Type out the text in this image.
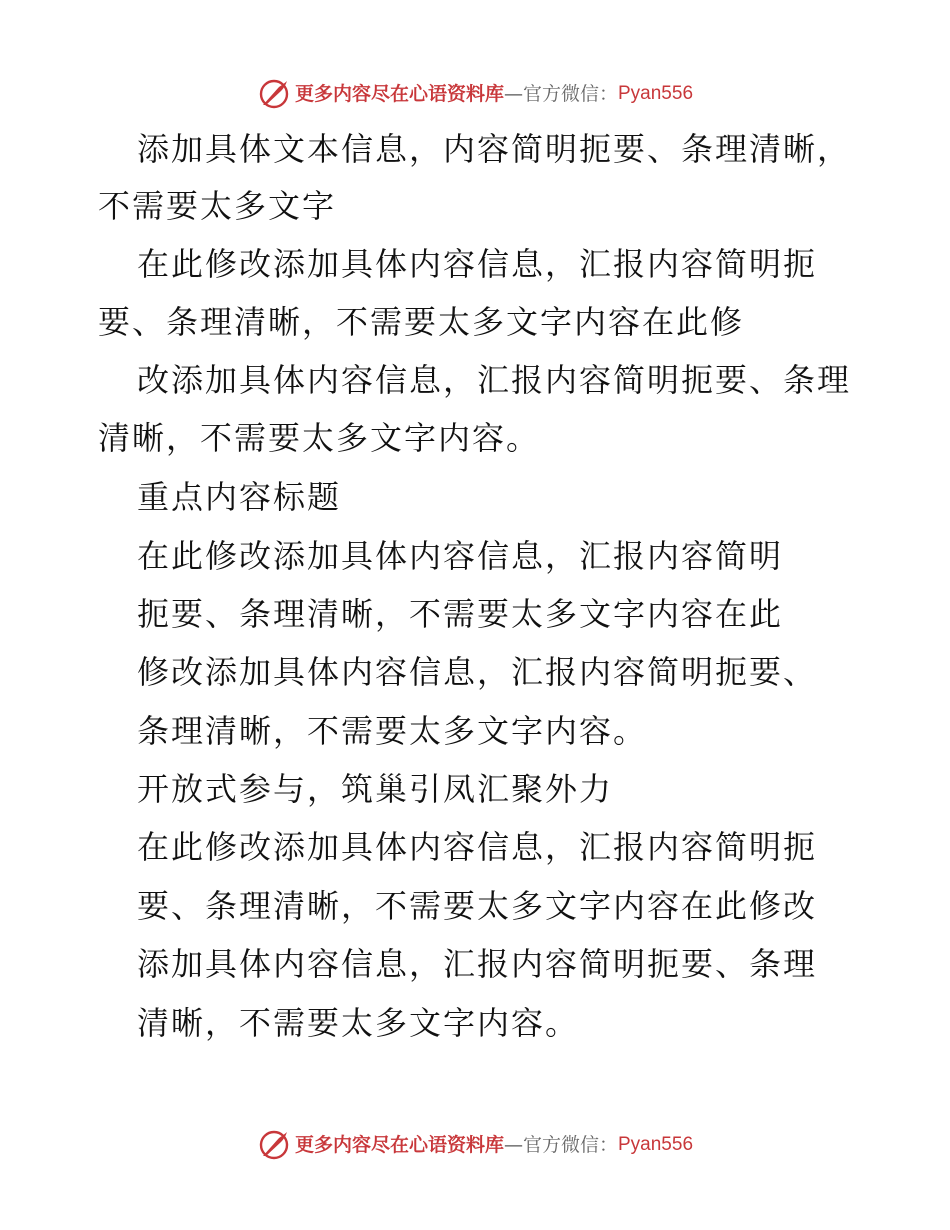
更多内容尽在心语资料库 — 官方微信： Pyan556
添加具体文本信息，内容简明扼要、条理清晰，
不需要太多文字
在此修改添加具体内容信息，汇报内容简明扼
要、条理清晰，不需要太多文字内容在此修
改添加具体内容信息，汇报内容简明扼要、条理
清晰，不需要太多文字内容。
重点内容标题
在此修改添加具体内容信息，汇报内容简明
扼要、条理清晰，不需要太多文字内容在此
修改添加具体内容信息，汇报内容简明扼要、
条理清晰，不需要太多文字内容。
开放式参与，筑巢引凤汇聚外力
在此修改添加具体内容信息，汇报内容简明扼
要、条理清晰，不需要太多文字内容在此修改
添加具体内容信息，汇报内容简明扼要、条理
清晰，不需要太多文字内容。
更多内容尽在心语资料库 — 官方微信： Pyan556
